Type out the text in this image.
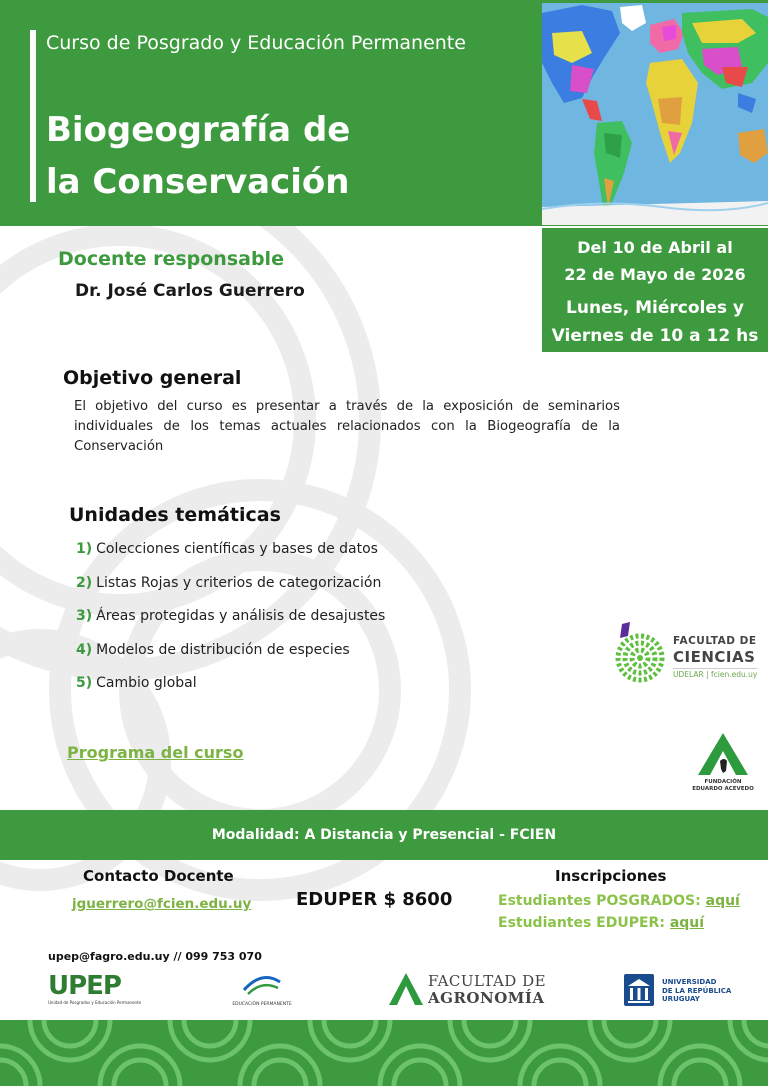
Curso de Posgrado y Educación Permanente
Biogeografía de
la Conservación
Del 10 de Abril al
22 de Mayo de 2026
Lunes, Miércoles y
Viernes de 10 a 12 hs
Docente responsable
Dr. José Carlos Guerrero
Objetivo general
El objetivo del curso es presentar a través de la exposición de seminarios individuales de los temas actuales relacionados con la Biogeografía de la Conservación
Unidades temáticas
1) Colecciones científicas y bases de datos
2) Listas Rojas y criterios de categorización
3) Áreas protegidas y análisis de desajustes
4) Modelos de distribución de especies
5) Cambio global
Programa del curso
FACULTAD DE
CIENCIAS
UDELAR | fcien.edu.uy
FUNDACIÓN
EDUARDO ACEVEDO
Modalidad: A Distancia y Presencial - FCIEN
Contacto Docente
jguerrero@fcien.edu.uy EDUPER $ 8600
Inscripciones
Estudiantes POSGRADOS: aquí
Estudiantes EDUPER: aquí
upep@fagro.edu.uy // 099 753 070
UPEP
Unidad de Posgrados y Educación Permanente	EDUCACIÓN PERMANENTE
FACULTAD DE
AGRONOMÍA
UNIVERSIDAD
DE LA REPÚBLICA
URUGUAY
